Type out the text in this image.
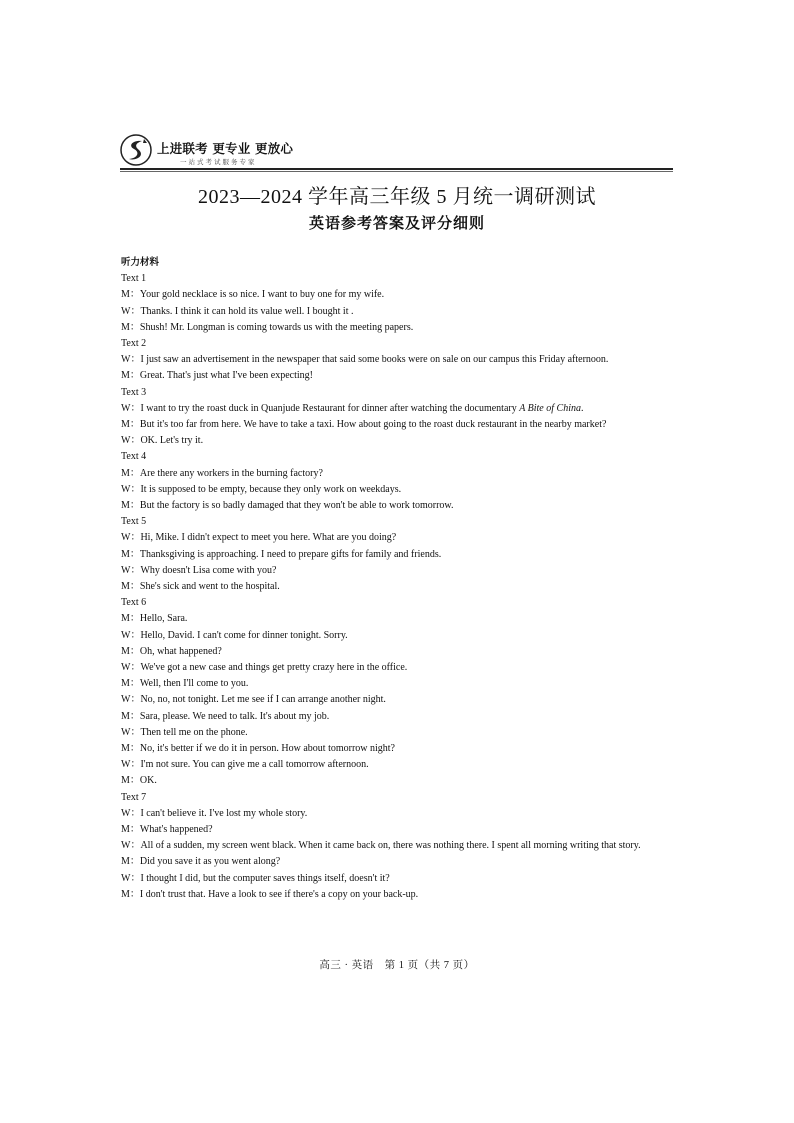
上进联考 更专业 更放心
一站式考试服务专家
2023—2024 学年高三年级 5 月统一调研测试
英语参考答案及评分细则
听力材料
Text 1
M： Your gold necklace is so nice. I want to buy one for my wife.
W： Thanks. I think it can hold its value well. I bought it .
M： Shush! Mr. Longman is coming towards us with the meeting papers.
Text 2
W： I just saw an advertisement in the newspaper that said some books were on sale on our campus this Friday afternoon.
M： Great. That's just what I've been expecting!
Text 3
W： I want to try the roast duck in Quanjude Restaurant for dinner after watching the documentary A Bite of China.
M： But it's too far from here. We have to take a taxi. How about going to the roast duck restaurant in the nearby market?
W： OK. Let's try it.
Text 4
M： Are there any workers in the burning factory?
W： It is supposed to be empty, because they only work on weekdays.
M： But the factory is so badly damaged that they won't be able to work tomorrow.
Text 5
W： Hi, Mike. I didn't expect to meet you here. What are you doing?
M： Thanksgiving is approaching. I need to prepare gifts for family and friends.
W： Why doesn't Lisa come with you?
M： She's sick and went to the hospital.
Text 6
M： Hello, Sara.
W： Hello, David. I can't come for dinner tonight. Sorry.
M： Oh, what happened?
W： We've got a new case and things get pretty crazy here in the office.
M： Well, then I'll come to you.
W： No, no, not tonight. Let me see if I can arrange another night.
M： Sara, please. We need to talk. It's about my job.
W： Then tell me on the phone.
M： No, it's better if we do it in person. How about tomorrow night?
W： I'm not sure. You can give me a call tomorrow afternoon.
M： OK.
Text 7
W： I can't believe it. I've lost my whole story.
M： What's happened?
W： All of a sudden, my screen went black. When it came back on, there was nothing there. I spent all morning writing that story.
M： Did you save it as you went along?
W： I thought I did, but the computer saves things itself, doesn't it?
M： I don't trust that. Have a look to see if there's a copy on your back-up.
高三 · 英语　第 1 页（共 7 页）
